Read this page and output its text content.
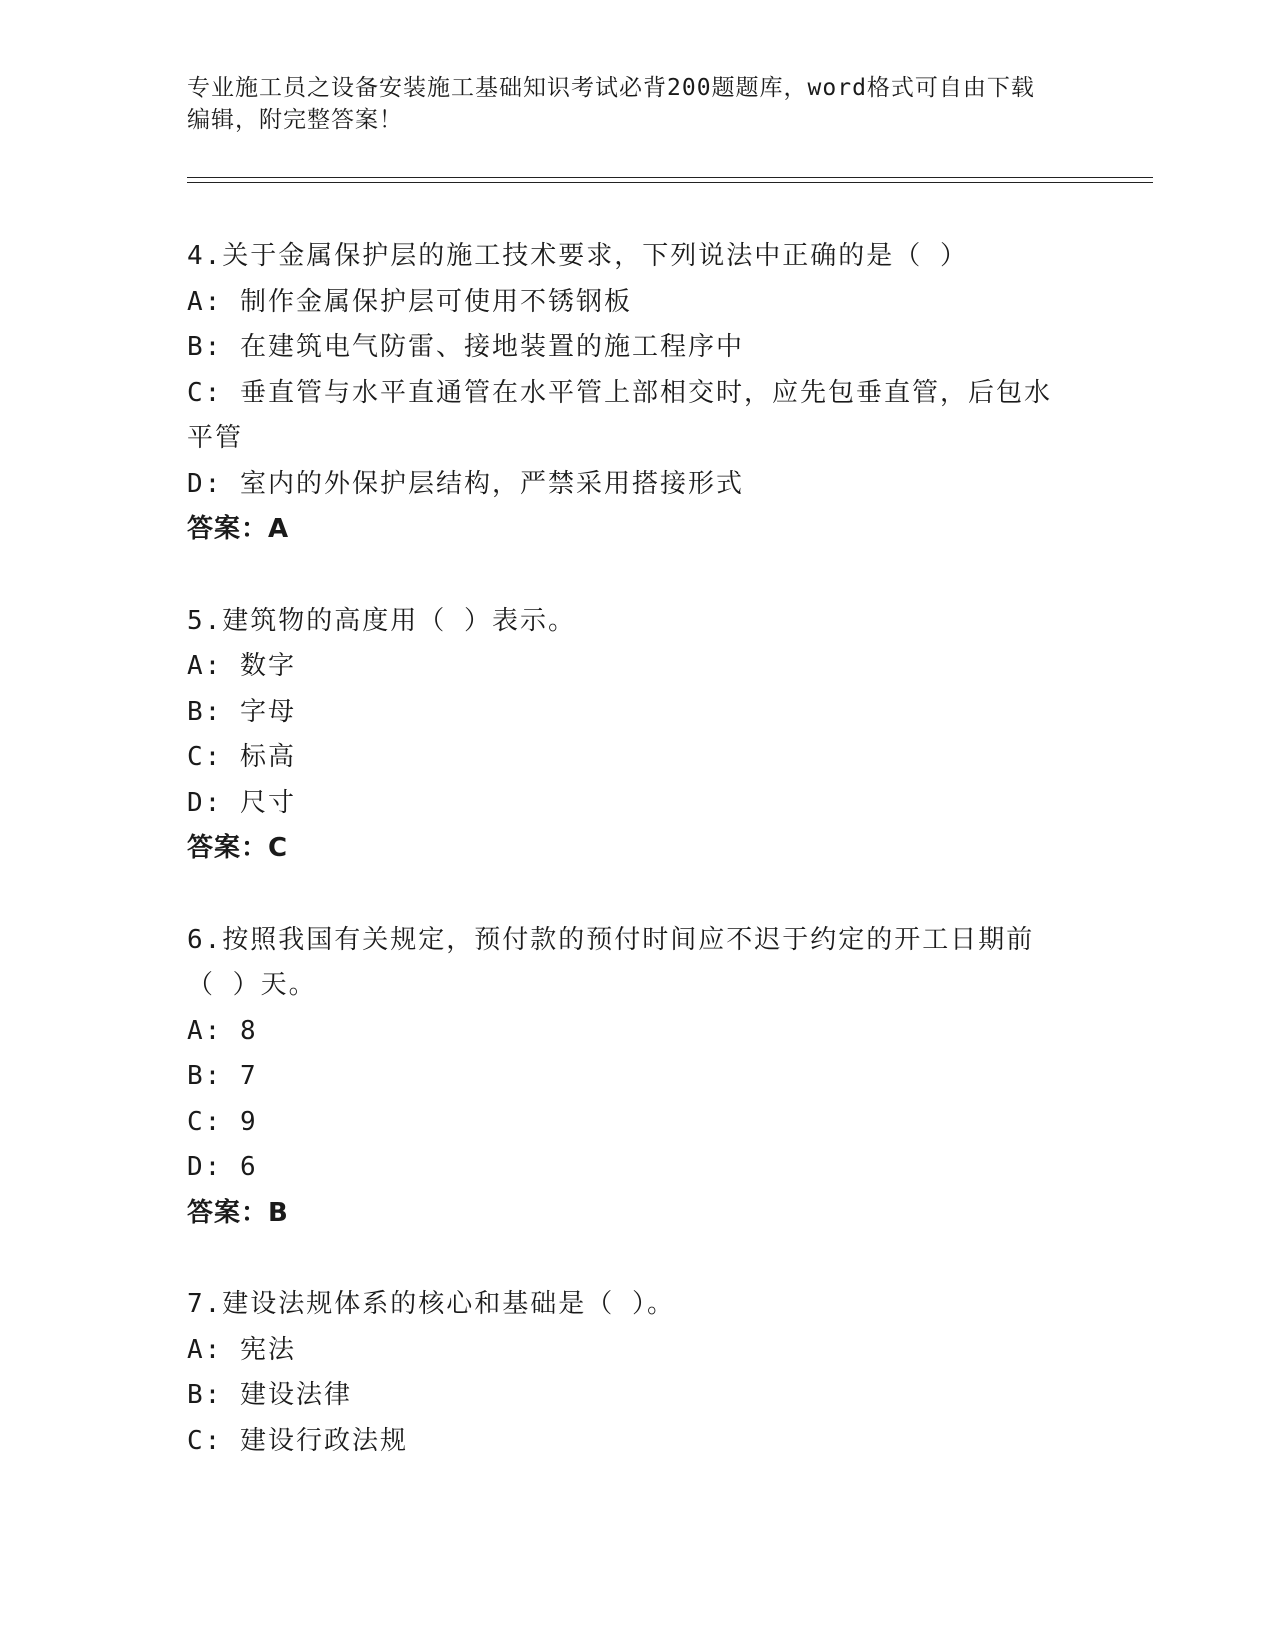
专业施工员之设备安装施工基础知识考试必背200题题库，word格式可自由下载
编辑，附完整答案！
4.关于金属保护层的施工技术要求，下列说法中正确的是（ ）
A: 制作金属保护层可使用不锈钢板
B: 在建筑电气防雷、接地装置的施工程序中
C: 垂直管与水平直通管在水平管上部相交时，应先包垂直管，后包水
平管
D: 室内的外保护层结构，严禁采用搭接形式
答案：A
5.建筑物的高度用（ ）表示。
A: 数字
B: 字母
C: 标高
D: 尺寸
答案：C
6.按照我国有关规定，预付款的预付时间应不迟于约定的开工日期前
（ ）天。
A: 8
B: 7
C: 9
D: 6
答案：B
7.建设法规体系的核心和基础是（ ）。
A: 宪法
B: 建设法律
C: 建设行政法规
